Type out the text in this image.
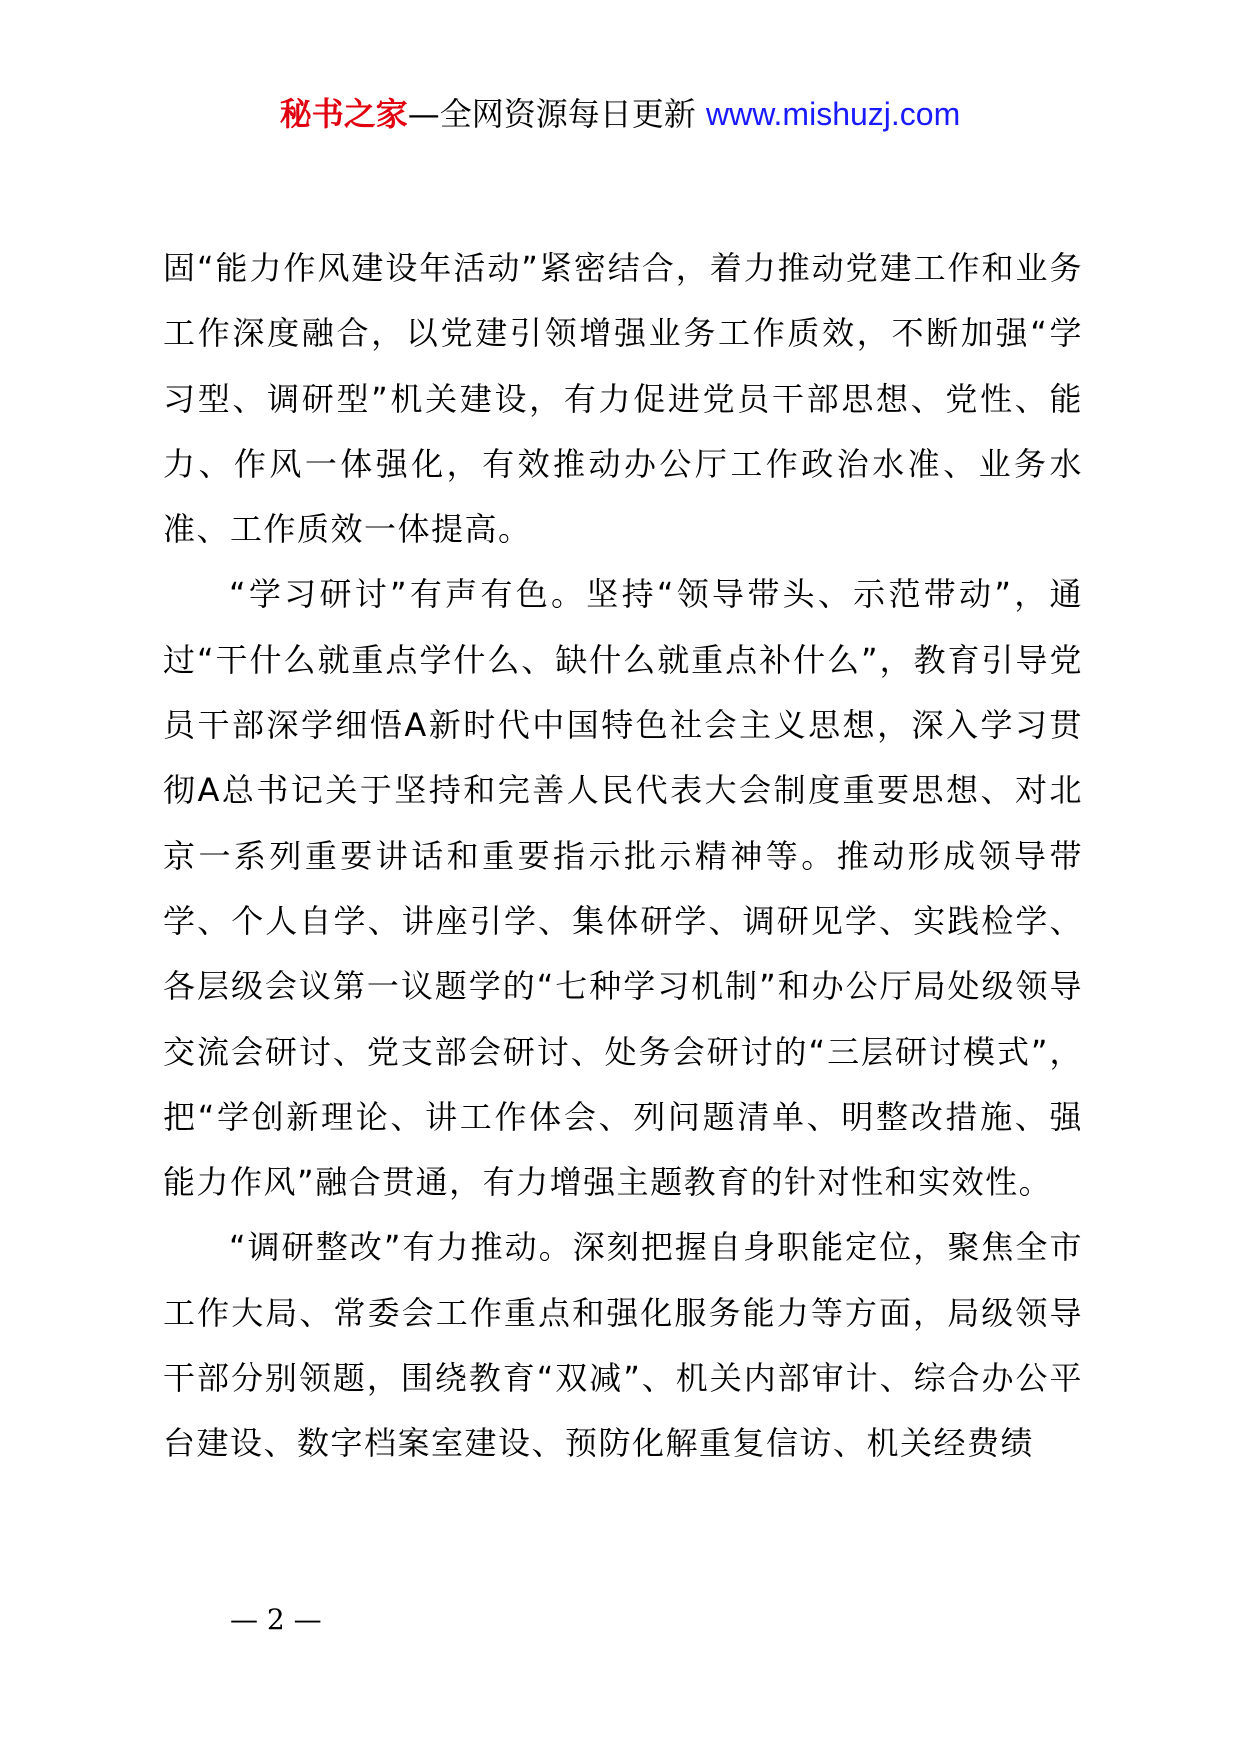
秘书之家—全网资源每日更新 www.mishuzj.com

固“能力作风建设年活动”紧密结合，着力推动党建工作和业务工作深度融合，以党建引领增强业务工作质效，不断加强“学习型、调研型”机关建设，有力促进党员干部思想、党性、能力、作风一体强化，有效推动办公厅工作政治水准、业务水准、工作质效一体提高。

“学习研讨”有声有色。坚持“领导带头、示范带动”，通过“干什么就重点学什么、缺什么就重点补什么”，教育引导党员干部深学细悟A新时代中国特色社会主义思想，深入学习贯彻A总书记关于坚持和完善人民代表大会制度重要思想、对北京一系列重要讲话和重要指示批示精神等。推动形成领导带学、个人自学、讲座引学、集体研学、调研见学、实践检学、各层级会议第一议题学的“七种学习机制”和办公厅局处级领导交流会研讨、党支部会研讨、处务会研讨的“三层研讨模式”，把“学创新理论、讲工作体会、列问题清单、明整改措施、强能力作风”融合贯通，有力增强主题教育的针对性和实效性。

“调研整改”有力推动。深刻把握自身职能定位，聚焦全市工作大局、常委会工作重点和强化服务能力等方面，局级领导干部分别领题，围绕教育“双减”、机关内部审计、综合办公平台建设、数字档案室建设、预防化解重复信访、机关经费绩

— 2 —
